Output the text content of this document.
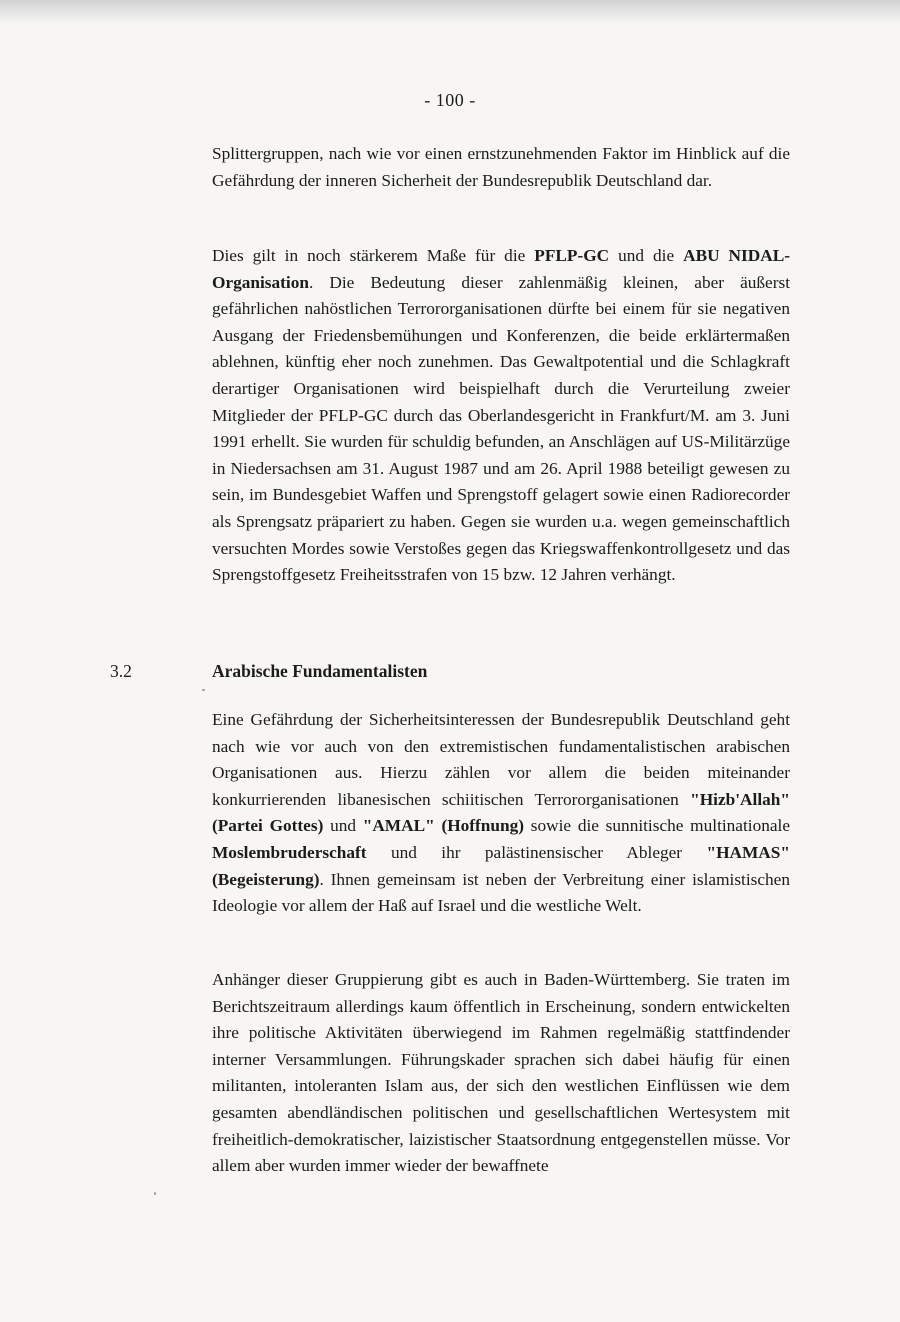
- 100 -

Splittergruppen, nach wie vor einen ernstzunehmenden Faktor im Hinblick auf die Gefährdung der inneren Sicherheit der Bundesrepublik Deutschland dar.

Dies gilt in noch stärkerem Maße für die PFLP-GC und die ABU NIDAL-Organisation. Die Bedeutung dieser zahlenmäßig kleinen, aber äußerst gefährlichen nahöstlichen Terrororganisationen dürfte bei einem für sie negativen Ausgang der Friedensbemühungen und Konferenzen, die beide erklärtermaßen ablehnen, künftig eher noch zunehmen. Das Gewaltpotential und die Schlagkraft derartiger Organisationen wird beispielhaft durch die Verurteilung zweier Mitglieder der PFLP-GC durch das Oberlandesgericht in Frankfurt/M. am 3. Juni 1991 erhellt. Sie wurden für schuldig befunden, an Anschlägen auf US-Militärzüge in Niedersachsen am 31. August 1987 und am 26. April 1988 beteiligt gewesen zu sein, im Bundesgebiet Waffen und Sprengstoff gelagert sowie einen Radiorecorder als Sprengsatz präpariert zu haben. Gegen sie wurden u.a. wegen gemeinschaftlich versuchten Mordes sowie Verstoßes gegen das Kriegswaffenkontrollgesetz und das Sprengstoffgesetz Freiheitsstrafen von 15 bzw. 12 Jahren verhängt.

3.2	Arabische Fundamentalisten

Eine Gefährdung der Sicherheitsinteressen der Bundesrepublik Deutschland geht nach wie vor auch von den extremistischen fundamentalistischen arabischen Organisationen aus. Hierzu zählen vor allem die beiden miteinander konkurrierenden libanesischen schiitischen Terrororganisationen "Hizb'Allah" (Partei Gottes) und "AMAL" (Hoffnung) sowie die sunnitische multinationale Moslembruderschaft und ihr palästinensischer Ableger "HAMAS" (Begeisterung). Ihnen gemeinsam ist neben der Verbreitung einer islamistischen Ideologie vor allem der Haß auf Israel und die westliche Welt.

Anhänger dieser Gruppierung gibt es auch in Baden-Württemberg. Sie traten im Berichtszeitraum allerdings kaum öffentlich in Erscheinung, sondern entwickelten ihre politische Aktivitäten überwiegend im Rahmen regelmäßig stattfindender interner Versammlungen. Führungskader sprachen sich dabei häufig für einen militanten, intoleranten Islam aus, der sich den westlichen Einflüssen wie dem gesamten abendländischen politischen und gesellschaftlichen Wertesystem mit freiheitlich-demokratischer, laizistischer Staatsordnung entgegenstellen müsse. Vor allem aber wurden immer wieder der bewaffnete
